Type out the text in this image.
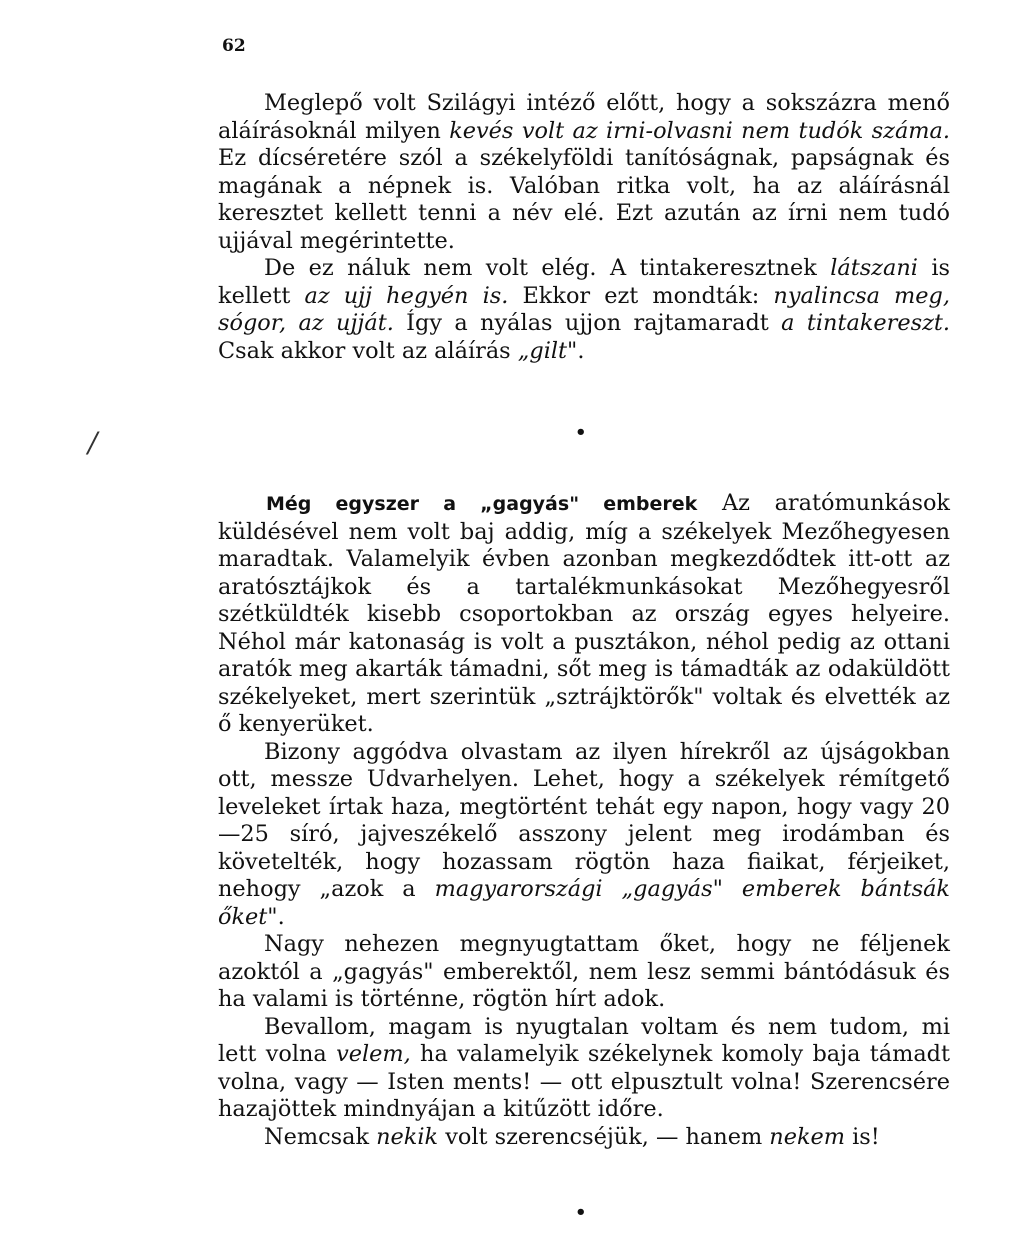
62

Meglepő volt Szilágyi intéző előtt, hogy a sokszázra menő aláírásoknál milyen kevés volt az irni-olvasni nem tudók száma. Ez dícséretére szól a székelyföldi tanítóságnak, papságnak és magának a népnek is. Valóban ritka volt, ha az aláírásnál keresztet kellett tenni a név elé. Ezt azután az írni nem tudó ujjával megérintette.

De ez náluk nem volt elég. A tintakeresztnek látszani is kellett az ujj hegyén is. Ekkor ezt mondták: nyalincsa meg, sógor, az ujját. Így a nyálas ujjon rajtamaradt a tintakereszt. Csak akkor volt az aláírás „gilt".

/	•

Még egyszer a „gagyás" emberek Az aratómunkások küldésével nem volt baj addig, míg a székelyek Mezőhegyesen maradtak. Valamelyik évben azonban megkezdődtek itt-ott az aratósztájkok és a tartalékmunkásokat Mezőhegyesről szétküldték kisebb csoportokban az ország egyes helyeire. Néhol már katonaság is volt a pusztákon, néhol pedig az ottani aratók meg akarták támadni, sőt meg is támadták az odaküldött székelyeket, mert szerintük „sztrájktörők" voltak és elvették az ő kenyerüket.

Bizony aggódva olvastam az ilyen hírekről az újságokban ott, messze Udvarhelyen. Lehet, hogy a székelyek rémítgető leveleket írtak haza, megtörtént tehát egy napon, hogy vagy 20—25 síró, jajveszékelő asszony jelent meg irodámban és követelték, hogy hozassam rögtön haza fiaikat, férjeiket, nehogy „azok a magyarországi „gagyás" emberek bántsák őket".

Nagy nehezen megnyugtattam őket, hogy ne féljenek azoktól a „gagyás" emberektől, nem lesz semmi bántódásuk és ha valami is történne, rögtön hírt adok.

Bevallom, magam is nyugtalan voltam és nem tudom, mi lett volna velem, ha valamelyik székelynek komoly baja támadt volna, vagy — Isten ments! — ott elpusztult volna! Szerencsére hazajöttek mindnyájan a kitűzött időre.

Nemcsak nekik volt szerencséjük, — hanem nekem is!

•
